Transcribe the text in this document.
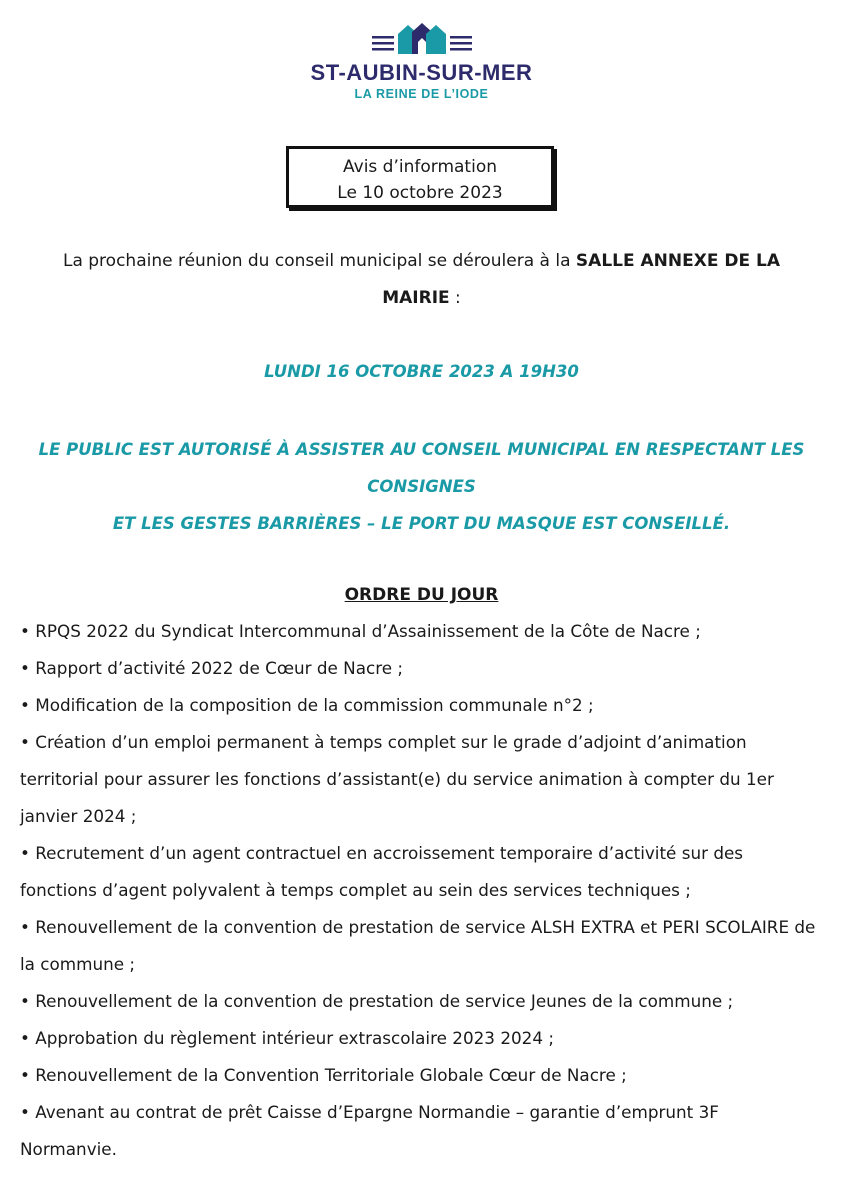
ST-AUBIN-SUR-MER
LA REINE DE L’IODE
Avis d’information
Le 10 octobre 2023
La prochaine réunion du conseil municipal se déroulera à la SALLE ANNEXE DE LA MAIRIE :
LUNDI 16 OCTOBRE 2023 A 19H30
LE PUBLIC EST AUTORISÉ À ASSISTER AU CONSEIL MUNICIPAL EN RESPECTANT LES CONSIGNES
ET LES GESTES BARRIÈRES – LE PORT DU MASQUE EST CONSEILLÉ.
ORDRE DU JOUR
• RPQS 2022 du Syndicat Intercommunal d’Assainissement de la Côte de Nacre ;
• Rapport d’activité 2022 de Cœur de Nacre ;
• Modification de la composition de la commission communale n°2 ;
• Création d’un emploi permanent à temps complet sur le grade d’adjoint d’animation territorial pour assurer les fonctions d’assistant(e) du service animation à compter du 1er janvier 2024 ;
• Recrutement d’un agent contractuel en accroissement temporaire d’activité sur des fonctions d’agent polyvalent à temps complet au sein des services techniques ;
• Renouvellement de la convention de prestation de service ALSH EXTRA et PERI SCOLAIRE de la commune ;
• Renouvellement de la convention de prestation de service Jeunes de la commune ;
• Approbation du règlement intérieur extrascolaire 2023 2024 ;
• Renouvellement de la Convention Territoriale Globale Cœur de Nacre ;
• Avenant au contrat de prêt Caisse d’Epargne Normandie – garantie d’emprunt 3F Normanvie.
